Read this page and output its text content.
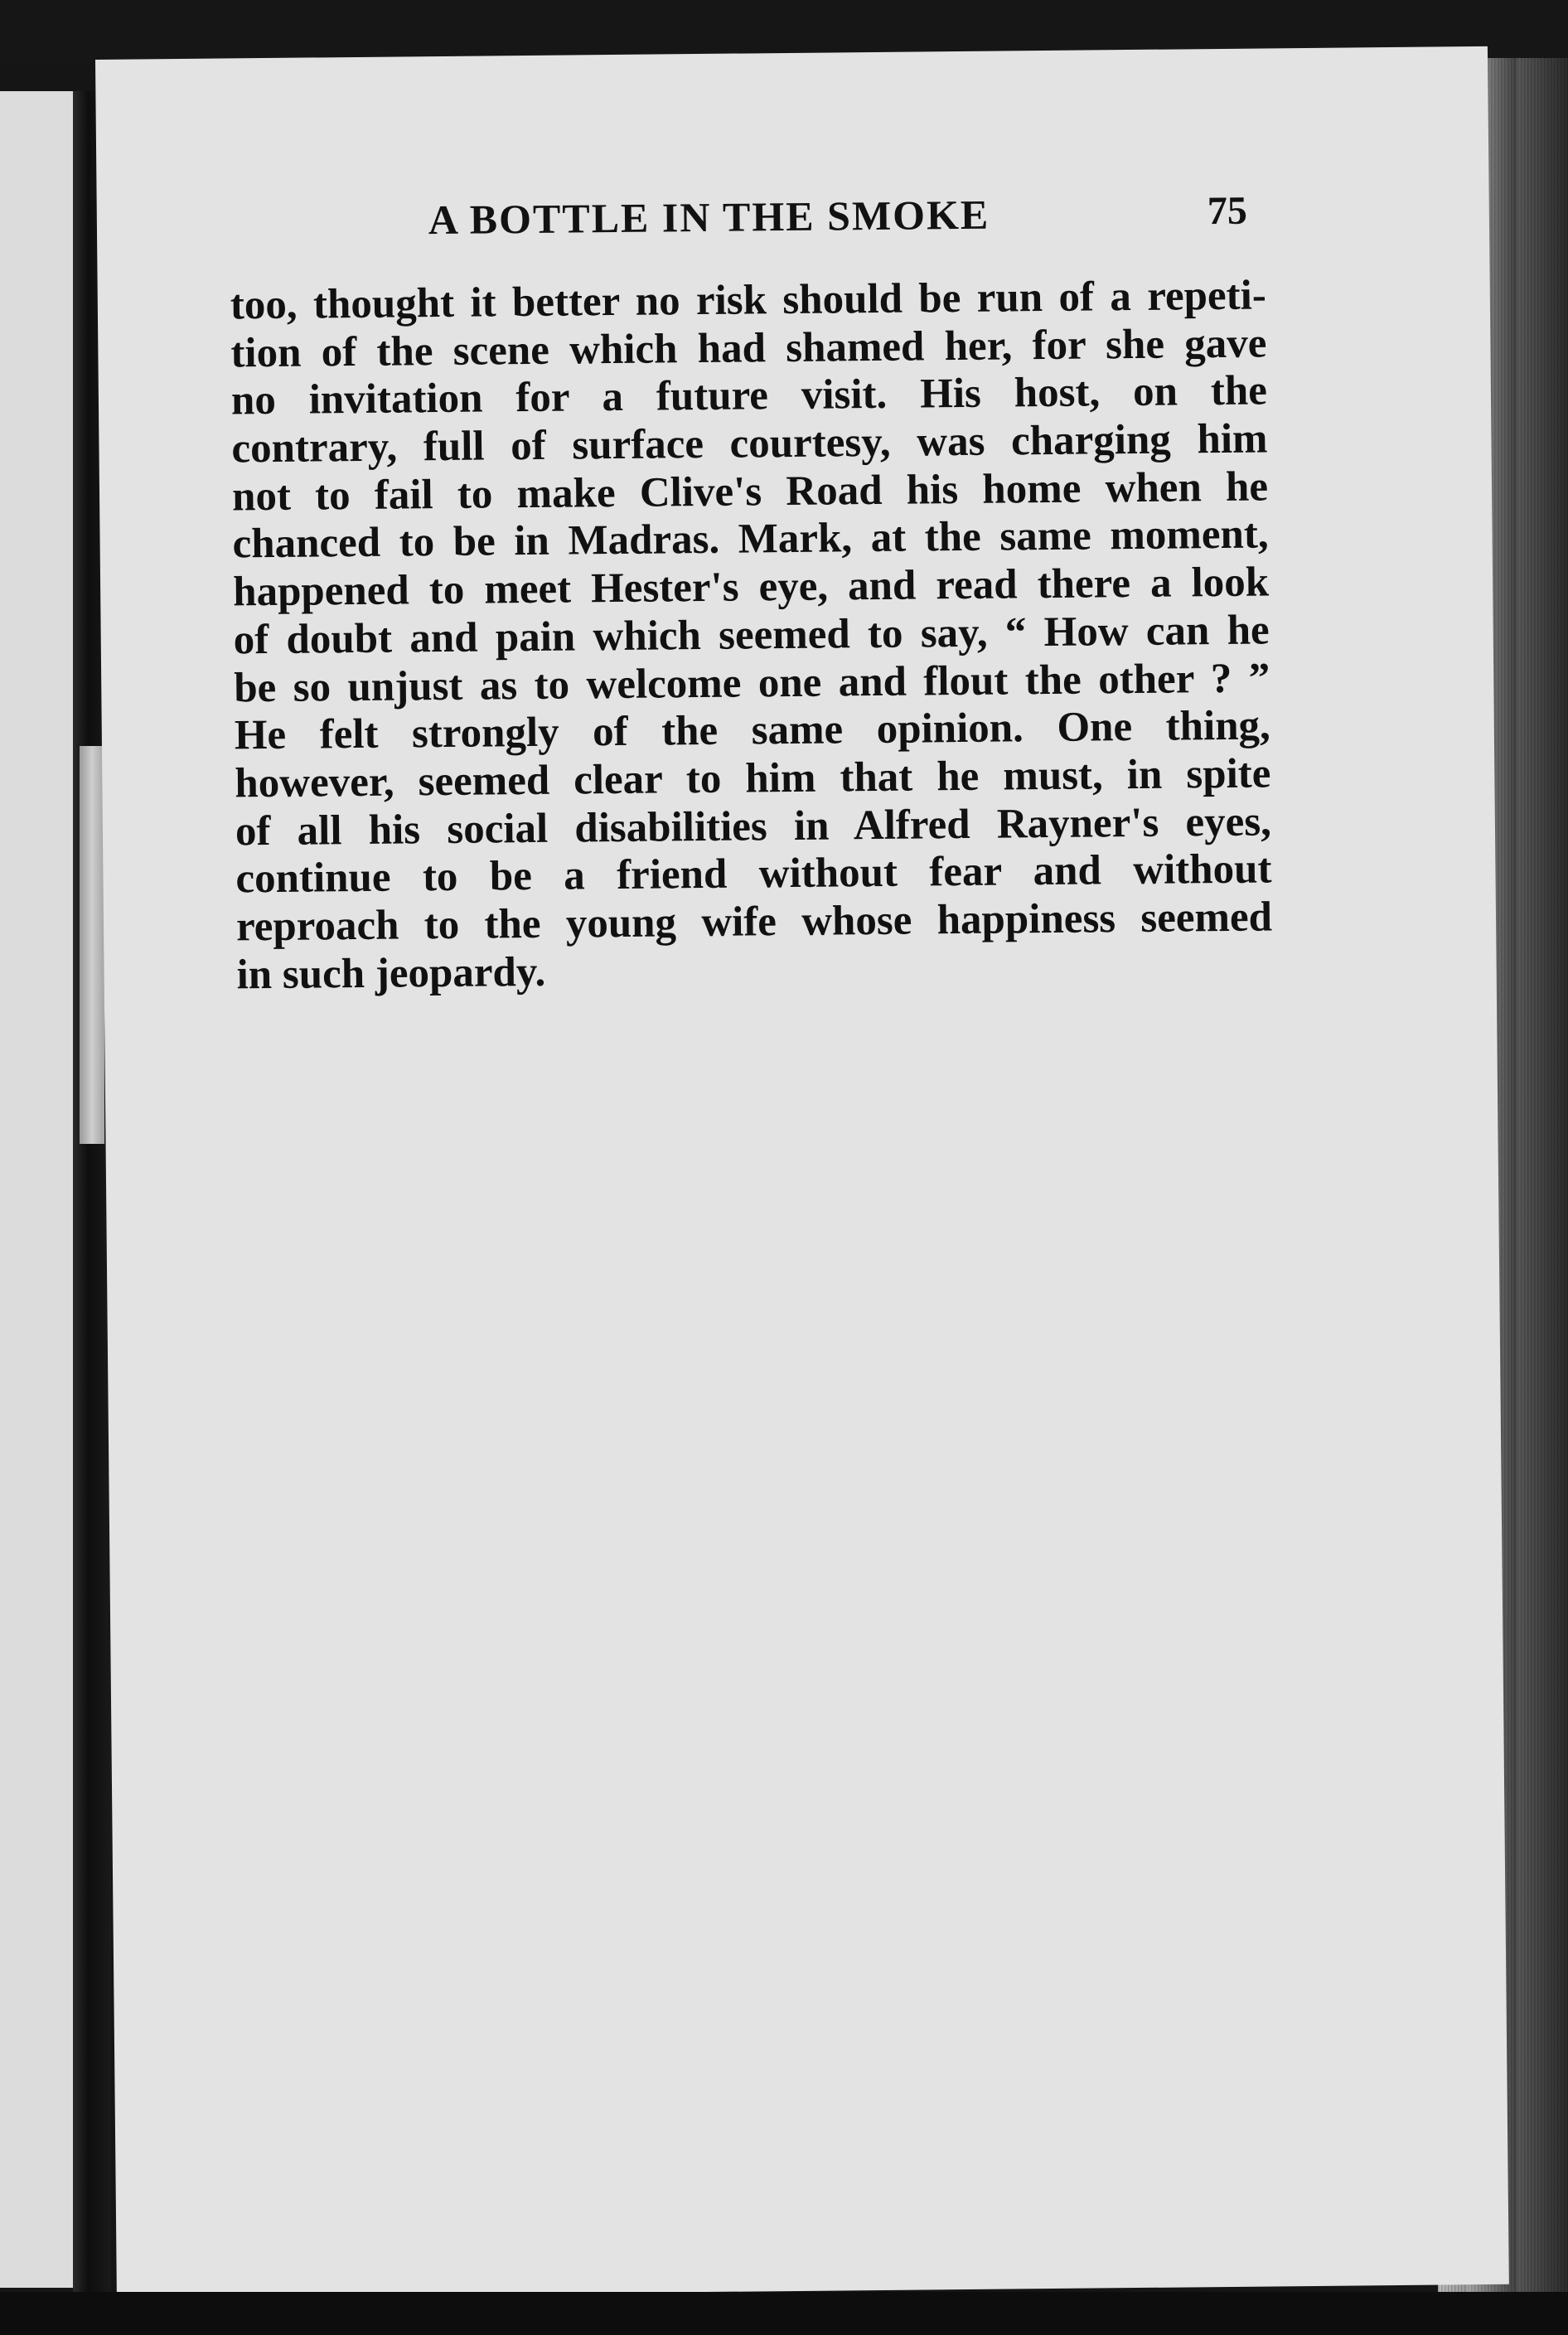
A BOTTLE IN THE SMOKE	75
too, thought it better no risk should be run of a repeti-
tion of the scene which had shamed her, for she gave
no invitation for a future visit. His host, on the
contrary, full of surface courtesy, was charging him
not to fail to make Clive's Road his home when he
chanced to be in Madras. Mark, at the same moment,
happened to meet Hester's eye, and read there a look
of doubt and pain which seemed to say, “ How can he
be so unjust as to welcome one and flout the other ? ”
He felt strongly of the same opinion. One thing,
however, seemed clear to him that he must, in spite
of all his social disabilities in Alfred Rayner's eyes,
continue to be a friend without fear and without
reproach to the young wife whose happiness seemed
in such jeopardy.
